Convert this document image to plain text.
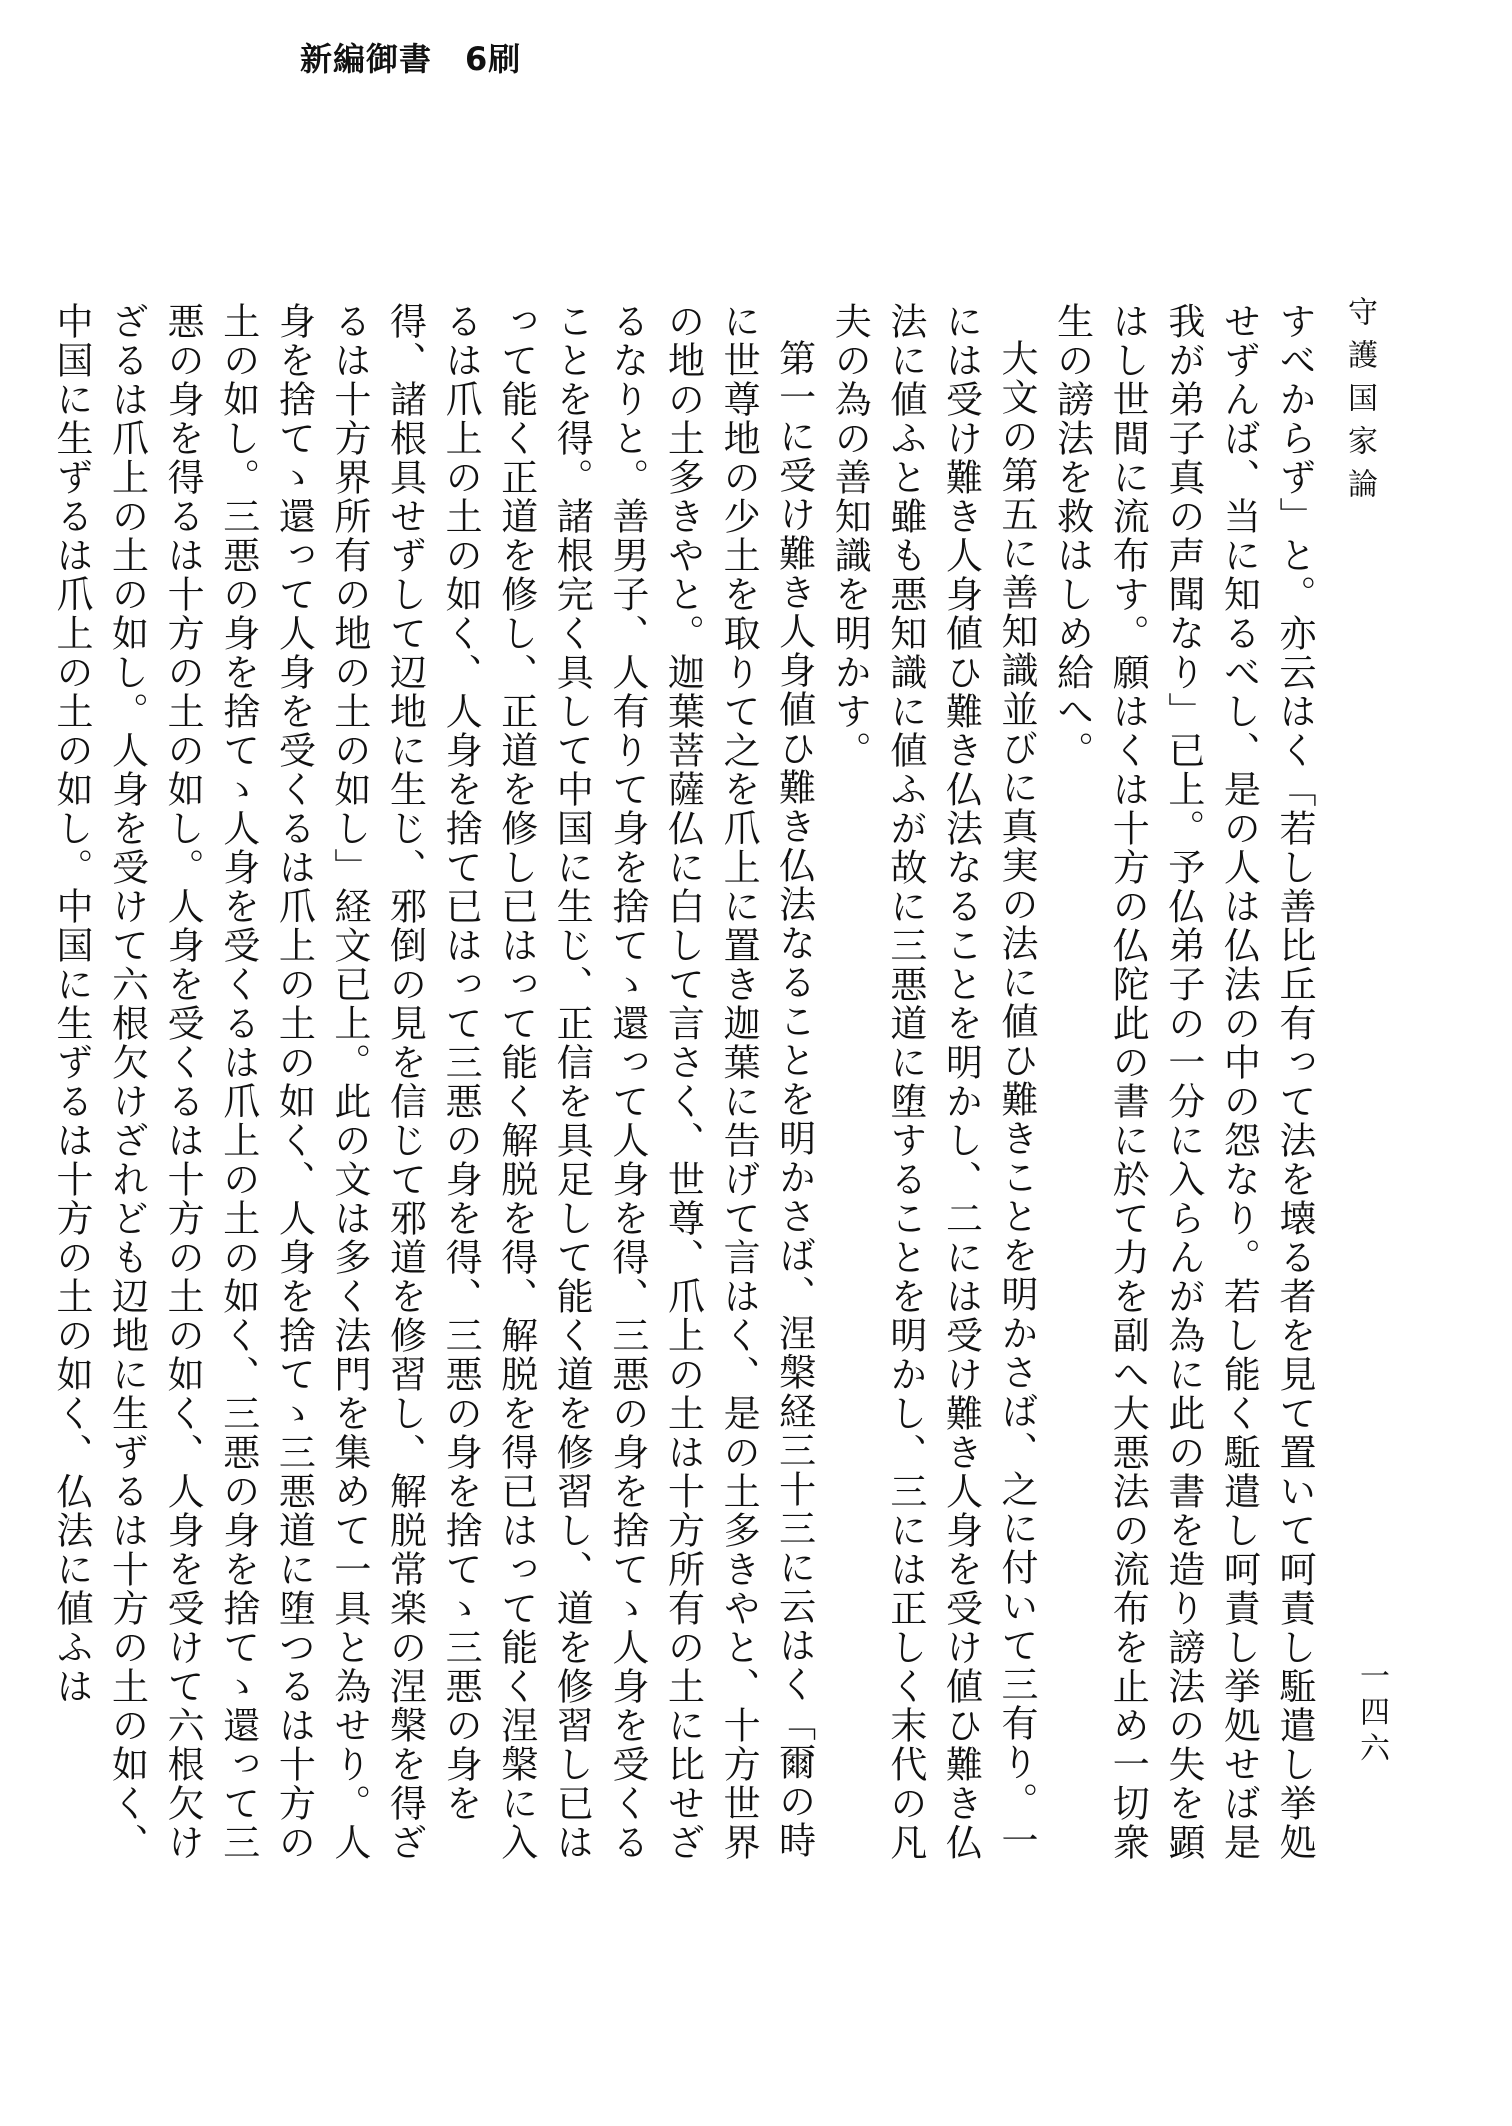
新編御書　6刷
守護国家論
一四六

すべからず」と。亦云はく「若し善比丘有って法を壊る者を見て置いて呵責し駈遣し挙処せずんば、当に知るべし、是の人は仏法の中の怨なり。若し能く駈遣し呵責し挙処せば是我が弟子真の声聞なり」已上。予仏弟子の一分に入らんが為に此の書を造り謗法の失を顕はし世間に流布す。願はくは十方の仏陀此の書に於て力を副へ大悪法の流布を止め一切衆生の謗法を救はしめ給へ。

大文の第五に善知識並びに真実の法に値ひ難きことを明かさば、之に付いて三有り。一には受け難き人身値ひ難き仏法なることを明かし、二には受け難き人身を受け値ひ難き仏法に値ふと雖も悪知識に値ふが故に三悪道に堕することを明かし、三には正しく末代の凡夫の為の善知識を明かす。

第一に受け難き人身値ひ難き仏法なることを明かさば、涅槃経三十三に云はく「爾の時に世尊地の少土を取りて之を爪上に置き迦葉に告げて言はく、是の土多きやと、十方世界の地の土多きやと。迦葉菩薩仏に白して言さく、世尊、爪上の土は十方所有の土に比せざるなりと。善男子、人有りて身を捨てゝ還って人身を得、三悪の身を捨てゝ人身を受くることを得。諸根完く具して中国に生じ、正信を具足して能く道を修習し、道を修習し已はって能く正道を修し、正道を修し已はって能く解脱を得、解脱を得已はって能く涅槃に入るは爪上の土の如く、人身を捨て已はって三悪の身を得、三悪の身を捨てゝ三悪の身を得、諸根具せずして辺地に生じ、邪倒の見を信じて邪道を修習し、解脱常楽の涅槃を得ざるは十方界所有の地の土の如し」経文已上。此の文は多く法門を集めて一具と為せり。人身を捨てゝ還って人身を受くるは爪上の土の如く、人身を捨てゝ三悪道に堕つるは十方の土の如し。三悪の身を捨てゝ人身を受くるは爪上の土の如く、三悪の身を捨てゝ還って三悪の身を得るは十方の土の如し。人身を受くるは十方の土の如く、人身を受けて六根欠けざるは爪上の土の如し。人身を受けて六根欠けざれども辺地に生ずるは十方の土の如く、中国に生ずるは爪上の土の如し。中国に生ずるは十方の土の如く、仏法に値ふは
